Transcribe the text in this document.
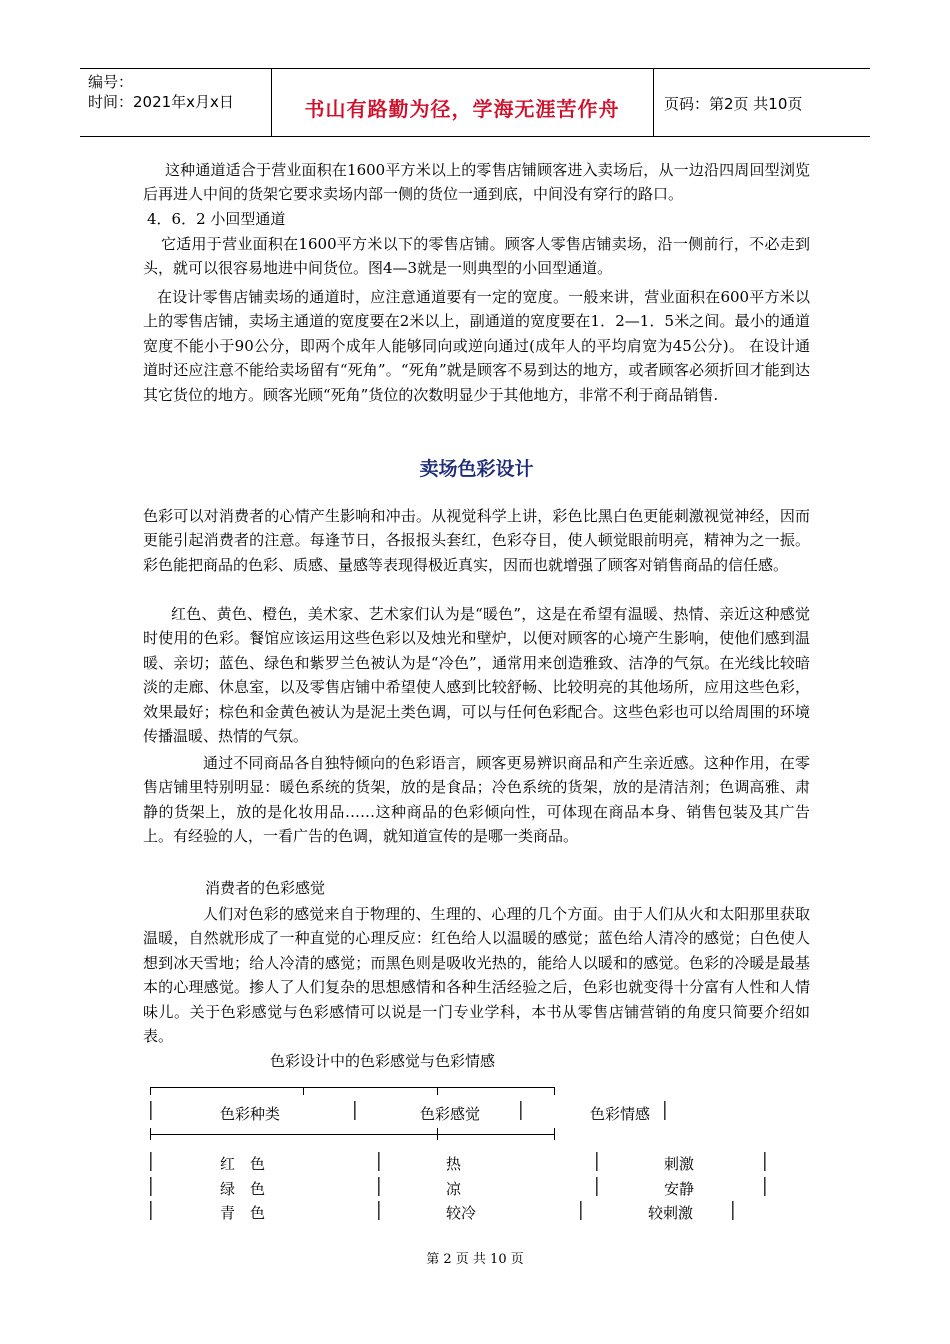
编号：
时间：2021年x月x日	书山有路勤为径，学海无涯苦作舟	页码：第2页 共10页

这种通道适合于营业面积在1600平方米以上的零售店铺顾客进入卖场后，从一边沿四周回型浏览后再进人中间的货架它要求卖场内部一侧的货位一通到底，中间没有穿行的路口。

4．6．2 小回型通道

它适用于营业面积在1600平方米以下的零售店铺。顾客人零售店铺卖场，沿一侧前行，不必走到头，就可以很容易地进中间货位。图4—3就是一则典型的小回型通道。

在设计零售店铺卖场的通道时，应注意通道要有一定的宽度。一般来讲，营业面积在600平方米以上的零售店铺，卖场主通道的宽度要在2米以上，副通道的宽度要在1．2—1．5米之间。最小的通道宽度不能小于90公分，即两个成年人能够同向或逆向通过(成年人的平均肩宽为45公分)。 在设计通道时还应注意不能给卖场留有“死角”。“死角”就是顾客不易到达的地方，或者顾客必须折回才能到达其它货位的地方。顾客光顾“死角”货位的次数明显少于其他地方，非常不利于商品销售.

卖场色彩设计

色彩可以对消费者的心情产生影响和冲击。从视觉科学上讲，彩色比黑白色更能刺激视觉神经，因而更能引起消费者的注意。每逢节日，各报报头套红，色彩夺目，使人顿觉眼前明亮，精神为之一振。彩色能把商品的色彩、质感、量感等表现得极近真实，因而也就增强了顾客对销售商品的信任感。

红色、黄色、橙色，美术家、艺术家们认为是“暖色”，这是在希望有温暖、热情、亲近这种感觉时使用的色彩。餐馆应该运用这些色彩以及烛光和壁炉，以便对顾客的心境产生影响，使他们感到温暖、亲切；蓝色、绿色和紫罗兰色被认为是“冷色”，通常用来创造雅致、洁净的气氛。在光线比较暗淡的走廊、休息室，以及零售店铺中希望使人感到比较舒畅、比较明亮的其他场所，应用这些色彩，效果最好；棕色和金黄色被认为是泥土类色调，可以与任何色彩配合。这些色彩也可以给周围的环境传播温暖、热情的气氛。

通过不同商品各自独特倾向的色彩语言，顾客更易辨识商品和产生亲近感。这种作用，在零售店铺里特别明显：暖色系统的货架，放的是食品；冷色系统的货架，放的是清洁剂；色调高雅、肃静的货架上，放的是化妆用品……这种商品的色彩倾向性，可体现在商品本身、销售包装及其广告上。有经验的人，一看广告的色调，就知道宣传的是哪一类商品。

消费者的色彩感觉

人们对色彩的感觉来自于物理的、生理的、心理的几个方面。由于人们从火和太阳那里获取温暖，自然就形成了一种直觉的心理反应：红色给人以温暖的感觉；蓝色给人清冷的感觉；白色使人想到冰天雪地；给人冷清的感觉；而黑色则是吸收光热的，能给人以暖和的感觉。色彩的冷暖是最基本的心理感觉。掺人了人们复杂的思想感情和各种生活经验之后，色彩也就变得十分富有人性和人情味儿。关于色彩感觉与色彩感情可以说是一门专业学科，本书从零售店铺营销的角度只简要介绍如表。

色彩设计中的色彩感觉与色彩情感
│	│	│	│
色彩种类	色彩感觉	色彩情感
│	红　色	│	热	│	刺激	│
│	绿　色	│	凉	│	安静	│
│	青　色	│	较冷	│	较刺激 │
第 2 页 共 10 页
